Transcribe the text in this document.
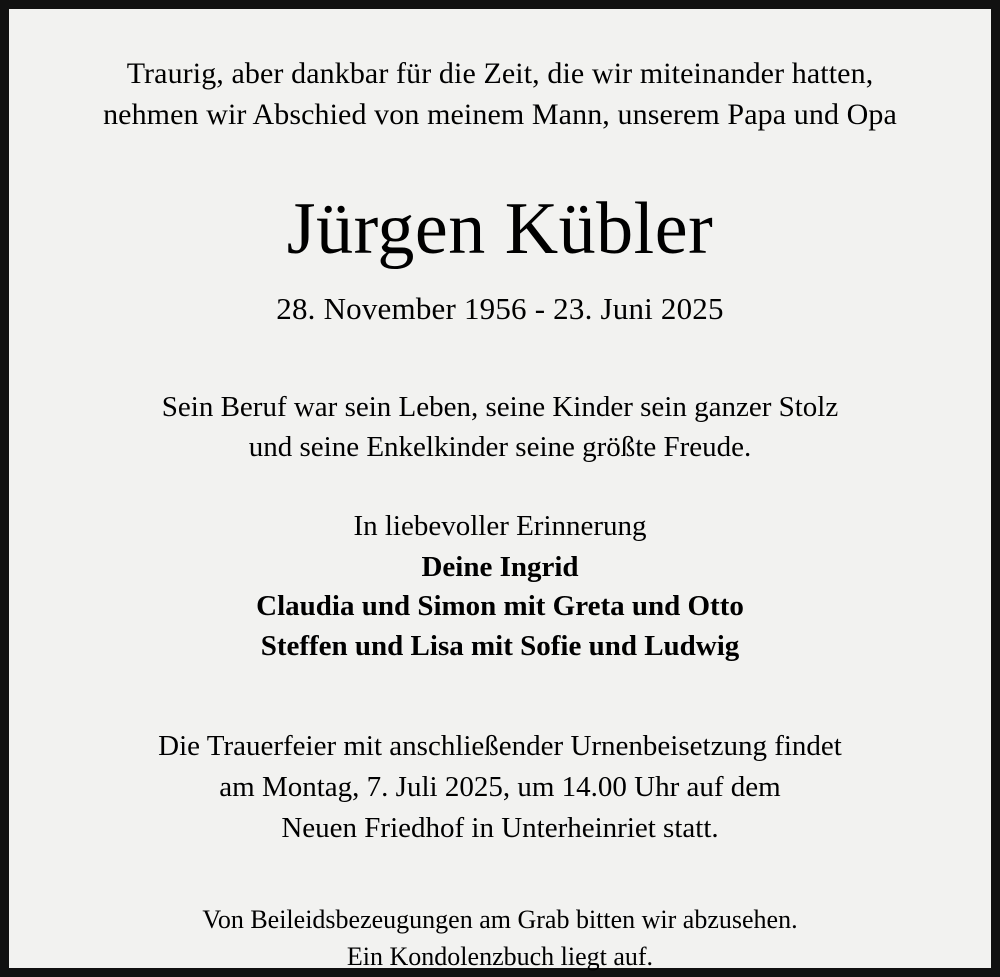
Traurig, aber dankbar für die Zeit, die wir miteinander hatten,
nehmen wir Abschied von meinem Mann, unserem Papa und Opa

Jürgen Kübler

28. November 1956 - 23. Juni 2025

Sein Beruf war sein Leben, seine Kinder sein ganzer Stolz
und seine Enkelkinder seine größte Freude.

In liebevoller Erinnerung

Deine Ingrid
Claudia und Simon mit Greta und Otto
Steffen und Lisa mit Sofie und Ludwig

Die Trauerfeier mit anschließender Urnenbeisetzung findet
am Montag, 7. Juli 2025, um 14.00 Uhr auf dem
Neuen Friedhof in Unterheinriet statt.

Von Beileidsbezeugungen am Grab bitten wir abzusehen.
Ein Kondolenzbuch liegt auf.
